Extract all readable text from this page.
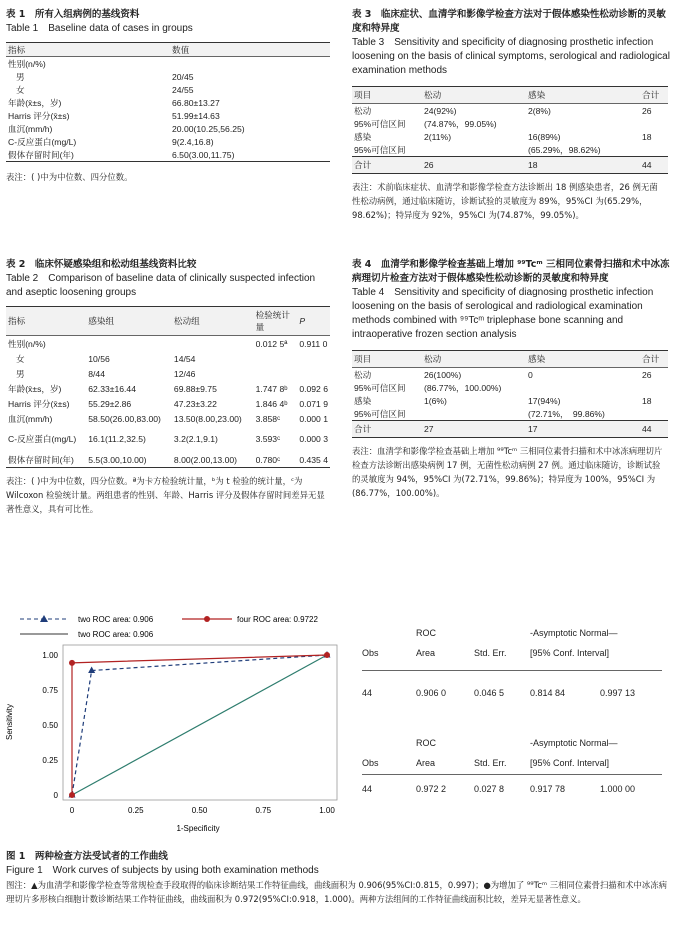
表 1　所有入组病例的基线资料
Table 1　Baseline data of cases in groups
指标	数值
性别(n/%)	
男	20/45
女	24/55
年龄(x̄±s，岁)	66.80±13.27
Harris 评分(x̄±s)	51.99±14.63
血沉(mm/h)	20.00(10.25,56.25)
C-反应蛋白(mg/L)	9(2.4,16.8)
假体存留时间(年)	6.50(3.00,11.75)
表注：( )中为中位数、四分位数。
表 2　临床怀疑感染组和松动组基线资料比较
Table 2　Comparison of baseline data of clinically suspected infection and aseptic loosening groups
指标	感染组	松动组	检验统计量	P
性别(n/%)			0.012 5ª	0.911 0
女	10/56	14/54		
男	8/44	12/46		
年龄(x̄±s，岁)	62.33±16.44	69.88±9.75	1.747 8ᵇ	0.092 6
Harris 评分(x̄±s)	55.29±2.86	47.23±3.22	1.846 4ᵇ	0.071 9
血沉(mm/h)	58.50(26.00,83.00)	13.50(8.00,23.00)	3.858ᶜ	0.000 1
C-反应蛋白(mg/L)	16.1(11.2,32.5)	3.2(2.1,9.1)	3.593ᶜ	0.000 3
假体存留时间(年)	5.5(3.00,10.00)	8.00(2.00,13.00)	0.780ᶜ	0.435 4
表注：( )中为中位数，四分位数。ª为卡方检验统计量，ᵇ为 t 检验的统计量，ᶜ为 Wilcoxon 检验统计量。两组患者的性别、年龄、Harris 评分及假体存留时间差异无显著性意义，具有可比性。
表 3　临床症状、血清学和影像学检查方法对于假体感染性松动诊断的灵敏度和特异度
Table 3　Sensitivity and specificity of diagnosing prosthetic infection loosening on the basis of clinical symptoms, serological and radiological examination methods
项目	松动	感染	合计
松动	24(92%)	2(8%)	26
95%可信区间	(74.87%，99.05%)		
感染	2(11%)	16(89%)	18
95%可信区间		(65.29%，98.62%)	
合计	26	18	44
表注：术前临床症状、血清学和影像学检查方法诊断出 18 例感染患者，26 例无菌性松动病例，通过临床随访，诊断试验的灵敏度为 89%，95%CI 为(65.29%，98.62%)；特异度为 92%，95%CI 为(74.87%，99.05%)。
表 4　血清学和影像学检查基础上增加 ⁹⁹Tcᵐ 三相同位素骨扫描和术中冰冻病理切片检查方法对于假体感染性松动诊断的灵敏度和特异度
Table 4　Sensitivity and specificity of diagnosing prosthetic infection loosening on the basis of serological and radiological examination methods combined with ⁹⁹Tcᵐ triplephase bone scanning and intraoperative frozen section analysis
项目	松动	感染	合计
松动	26(100%)	0	26
95%可信区间	(86.77%，100.00%)		
感染	1(6%)	17(94%)	18
95%可信区间		(72.71%，　99.86%)	
合计	27	17	44
表注：血清学和影像学检查基础上增加 ⁹⁹Tcᵐ 三相同位素骨扫描和术中冰冻病理切片检查方法诊断出感染病例 17 例，无菌性松动病例 27 例。通过临床随访，诊断试验的灵敏度为 94%，95%CI 为(72.71%，99.86%)；特异度为 100%，95%CI 为(86.77%，100.00%)。
two ROC area: 0.906	four ROC area: 0.9722
two ROC area: 0.906
0
0.25
0.50
0.75
1.00
0	0.25	0.50	0.75	1.00
Sensitivity
1-Specificity
ROC	-Asymptotic Normal—
Obs	Area	Std. Err.	[95% Conf. Interval]
44	0.906 0	0.046 5	0.814 84	0.997 13
ROC	-Asymptotic Normal—
Obs	Area	Std. Err.	[95% Conf. Interval]
44	0.972 2	0.027 8	0.917 78	1.000 00
图 1　两种检查方法受试者的工作曲线
Figure 1　Work curves of subjects by using both examination methods
图注：▲为血清学和影像学检查等常规检查手段取得的临床诊断结果工作特征曲线，曲线面积为 0.906(95%CI:0.815，0.997)；●为增加了 ⁹⁹Tcᵐ 三相同位素骨扫描和术中冰冻病理切片多形核白细胞计数诊断结果工作特征曲线，曲线面积为 0.972(95%CI:0.918，1.000)。两种方法组间的工作特征曲线面积比较，差异无显著性意义。
